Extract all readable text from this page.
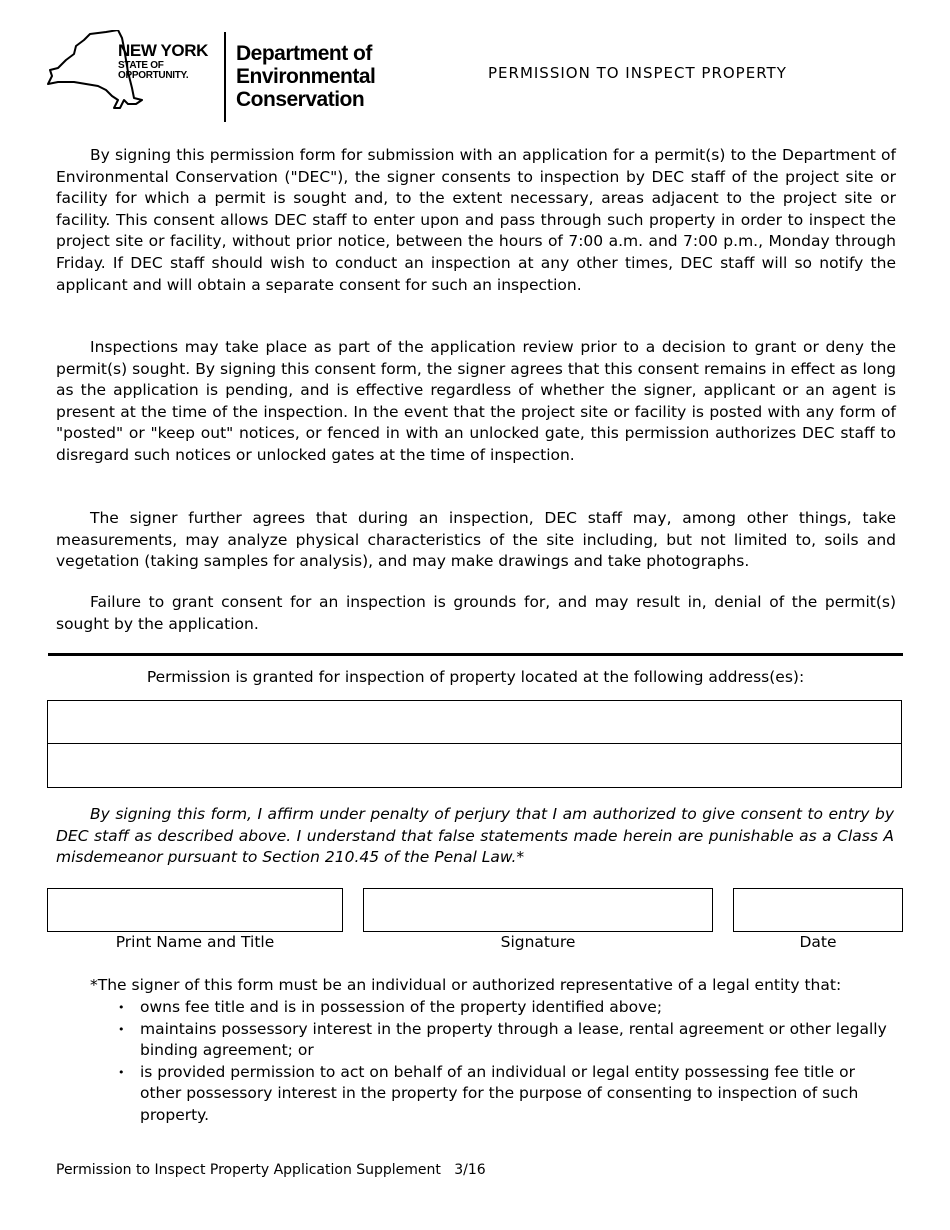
NEW YORK
STATE OF
OPPORTUNITY.
Department of
Environmental
Conservation
PERMISSION TO INSPECT PROPERTY

By signing this permission form for submission with an application for a permit(s) to the Department of Environmental Conservation ("DEC"), the signer consents to inspection by DEC staff of the project site or facility for which a permit is sought and, to the extent necessary, areas adjacent to the project site or facility. This consent allows DEC staff to enter upon and pass through such property in order to inspect the project site or facility, without prior notice, between the hours of 7:00 a.m. and 7:00 p.m., Monday through Friday. If DEC staff should wish to conduct an inspection at any other times, DEC staff will so notify the applicant and will obtain a separate consent for such an inspection.

Inspections may take place as part of the application review prior to a decision to grant or deny the permit(s) sought. By signing this consent form, the signer agrees that this consent remains in effect as long as the application is pending, and is effective regardless of whether the signer, applicant or an agent is present at the time of the inspection. In the event that the project site or facility is posted with any form of "posted" or "keep out" notices, or fenced in with an unlocked gate, this permission authorizes DEC staff to disregard such notices or unlocked gates at the time of inspection.

The signer further agrees that during an inspection, DEC staff may, among other things, take measurements, may analyze physical characteristics of the site including, but not limited to, soils and vegetation (taking samples for analysis), and may make drawings and take photographs.

Failure to grant consent for an inspection is grounds for, and may result in, denial of the permit(s) sought by the application.

Permission is granted for inspection of property located at the following address(es):

By signing this form, I affirm under penalty of perjury that I am authorized to give consent to entry by DEC staff as described above. I understand that false statements made herein are punishable as a Class A misdemeanor pursuant to Section 210.45 of the Penal Law.*

Print Name and Title	Signature	Date
*The signer of this form must be an individual or authorized representative of a legal entity that:
• owns fee title and is in possession of the property identified above;
• maintains possessory interest in the property through a lease, rental agreement or other legally binding agreement; or
• is provided permission to act on behalf of an individual or legal entity possessing fee title or other possessory interest in the property for the purpose of consenting to inspection of such property.
Permission to Inspect Property Application Supplement   3/16
